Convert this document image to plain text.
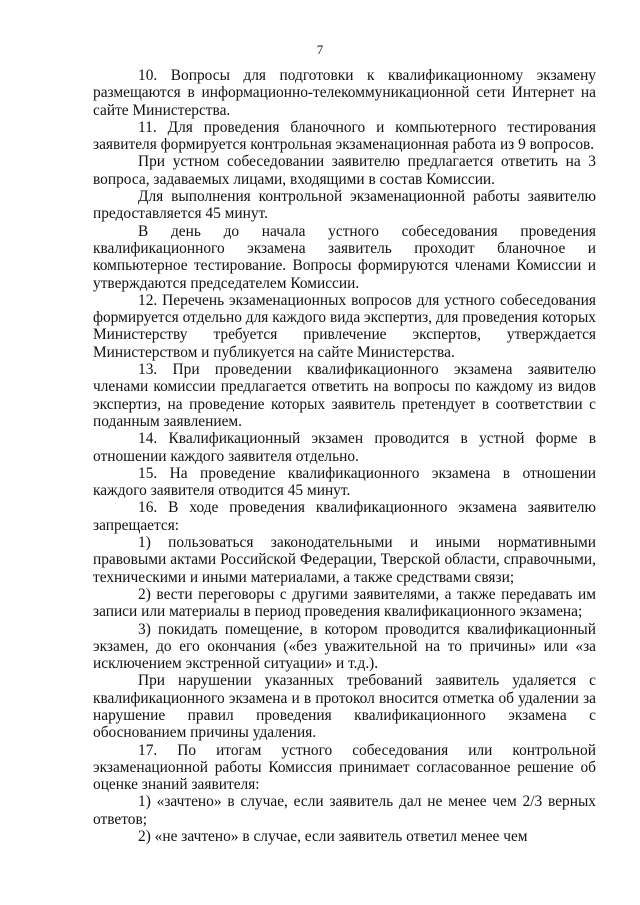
7

10. Вопросы для подготовки к квалификационному экзамену размещаются в информационно-телекоммуникационной сети Интернет на сайте Министерства.

11. Для проведения бланочного и компьютерного тестирования заявителя формируется контрольная экзаменационная работа из 9 вопросов.

При устном собеседовании заявителю предлагается ответить на 3 вопроса, задаваемых лицами, входящими в состав Комиссии.

Для выполнения контрольной экзаменационной работы заявителю предоставляется 45 минут.

В день до начала устного собеседования проведения квалификационного экзамена заявитель проходит бланочное и компьютерное тестирование. Вопросы формируются членами Комиссии и утверждаются председателем Комиссии.

12. Перечень экзаменационных вопросов для устного собеседования формируется отдельно для каждого вида экспертиз, для проведения которых Министерству требуется привлечение экспертов, утверждается Министерством и публикуется на сайте Министерства.

13. При проведении квалификационного экзамена заявителю членами комиссии предлагается ответить на вопросы по каждому из видов экспертиз, на проведение которых заявитель претендует в соответствии с поданным заявлением.

14. Квалификационный экзамен проводится в устной форме в отношении каждого заявителя отдельно.

15. На проведение квалификационного экзамена в отношении каждого заявителя отводится 45 минут.

16. В ходе проведения квалификационного экзамена заявителю запрещается:

1) пользоваться законодательными и иными нормативными правовыми актами Российской Федерации, Тверской области, справочными, техническими и иными материалами, а также средствами связи;

2) вести переговоры с другими заявителями, а также передавать им записи или материалы в период проведения квалификационного экзамена;

3) покидать помещение, в котором проводится квалификационный экзамен, до его окончания («без уважительной на то причины» или «за исключением экстренной ситуации» и т.д.).

При нарушении указанных требований заявитель удаляется с квалификационного экзамена и в протокол вносится отметка об удалении за нарушение правил проведения квалификационного экзамена с обоснованием причины удаления.

17. По итогам устного собеседования или контрольной экзаменационной работы Комиссия принимает согласованное решение об оценке знаний заявителя:

1) «зачтено» в случае, если заявитель дал не менее чем 2/3 верных ответов;

2) «не зачтено» в случае, если заявитель ответил менее чем
